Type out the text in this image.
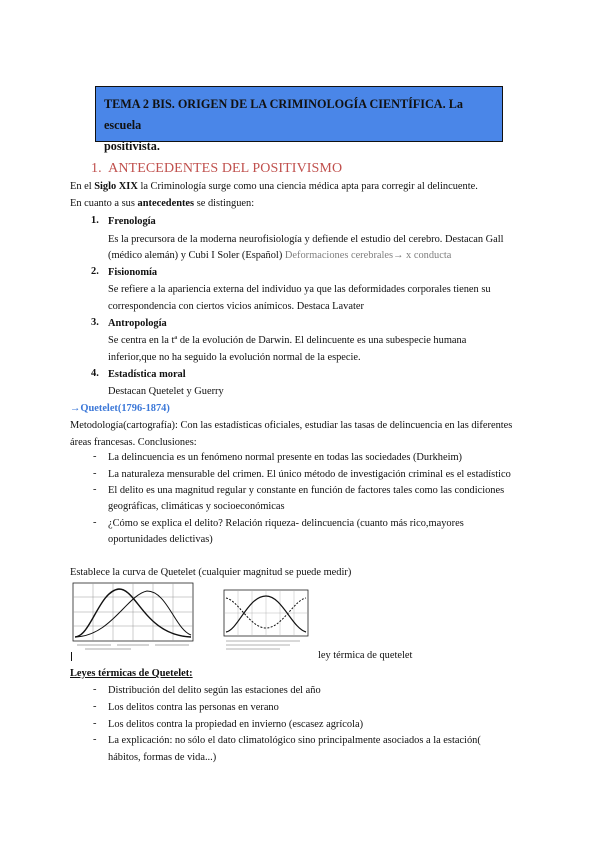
TEMA 2 BIS. ORIGEN DE LA CRIMINOLOGÍA CIENTÍFICA. La escuela
positivista.
1. ANTECEDENTES DEL POSITIVISMO
En el Siglo XIX la Criminología surge como una ciencia médica apta para corregir al delincuente.
En cuanto a sus antecedentes se distinguen:
1. Frenología
Es la precursora de la moderna neurofisiología y defiende el estudio del cerebro. Destacan Gall
(médico alemán) y Cubi I Soler (Español) Deformaciones cerebrales→ x conducta
2. Fisionomía
Se refiere a la apariencia externa del individuo ya que las deformidades corporales tienen su
correspondencia con ciertos vicios anímicos. Destaca Lavater
3. Antropología
Se centra en la tª de la evolución de Darwin. El delincuente es una subespecie humana
inferior,que no ha seguido la evolución normal de la especie.
4. Estadística moral
Destacan Quetelet y Guerry
→Quetelet(1796-1874)
Metodología(cartografía): Con las estadísticas oficiales, estudiar las tasas de delincuencia en las diferentes
áreas francesas. Conclusiones:
- La delincuencia es un fenómeno normal presente en todas las sociedades (Durkheim)
- La naturaleza mensurable del crimen. El único método de investigación criminal es el estadístico
- El delito es una magnitud regular y constante en función de factores tales como las condiciones
geográficas, climáticas y socioeconómicas
- ¿Cómo se explica el delito? Relación riqueza- delincuencia (cuanto más rico,mayores
oportunidades delictivas)
Establece la curva de Quetelet (cualquier magnitud se puede medir)
ley térmica de quetelet
Leyes térmicas de Quetelet:
- Distribución del delito según las estaciones del año
- Los delitos contra las personas en verano
- Los delitos contra la propiedad en invierno (escasez agrícola)
- La explicación: no sólo el dato climatológico sino principalmente asociados a la estación(
hábitos, formas de vida...)
